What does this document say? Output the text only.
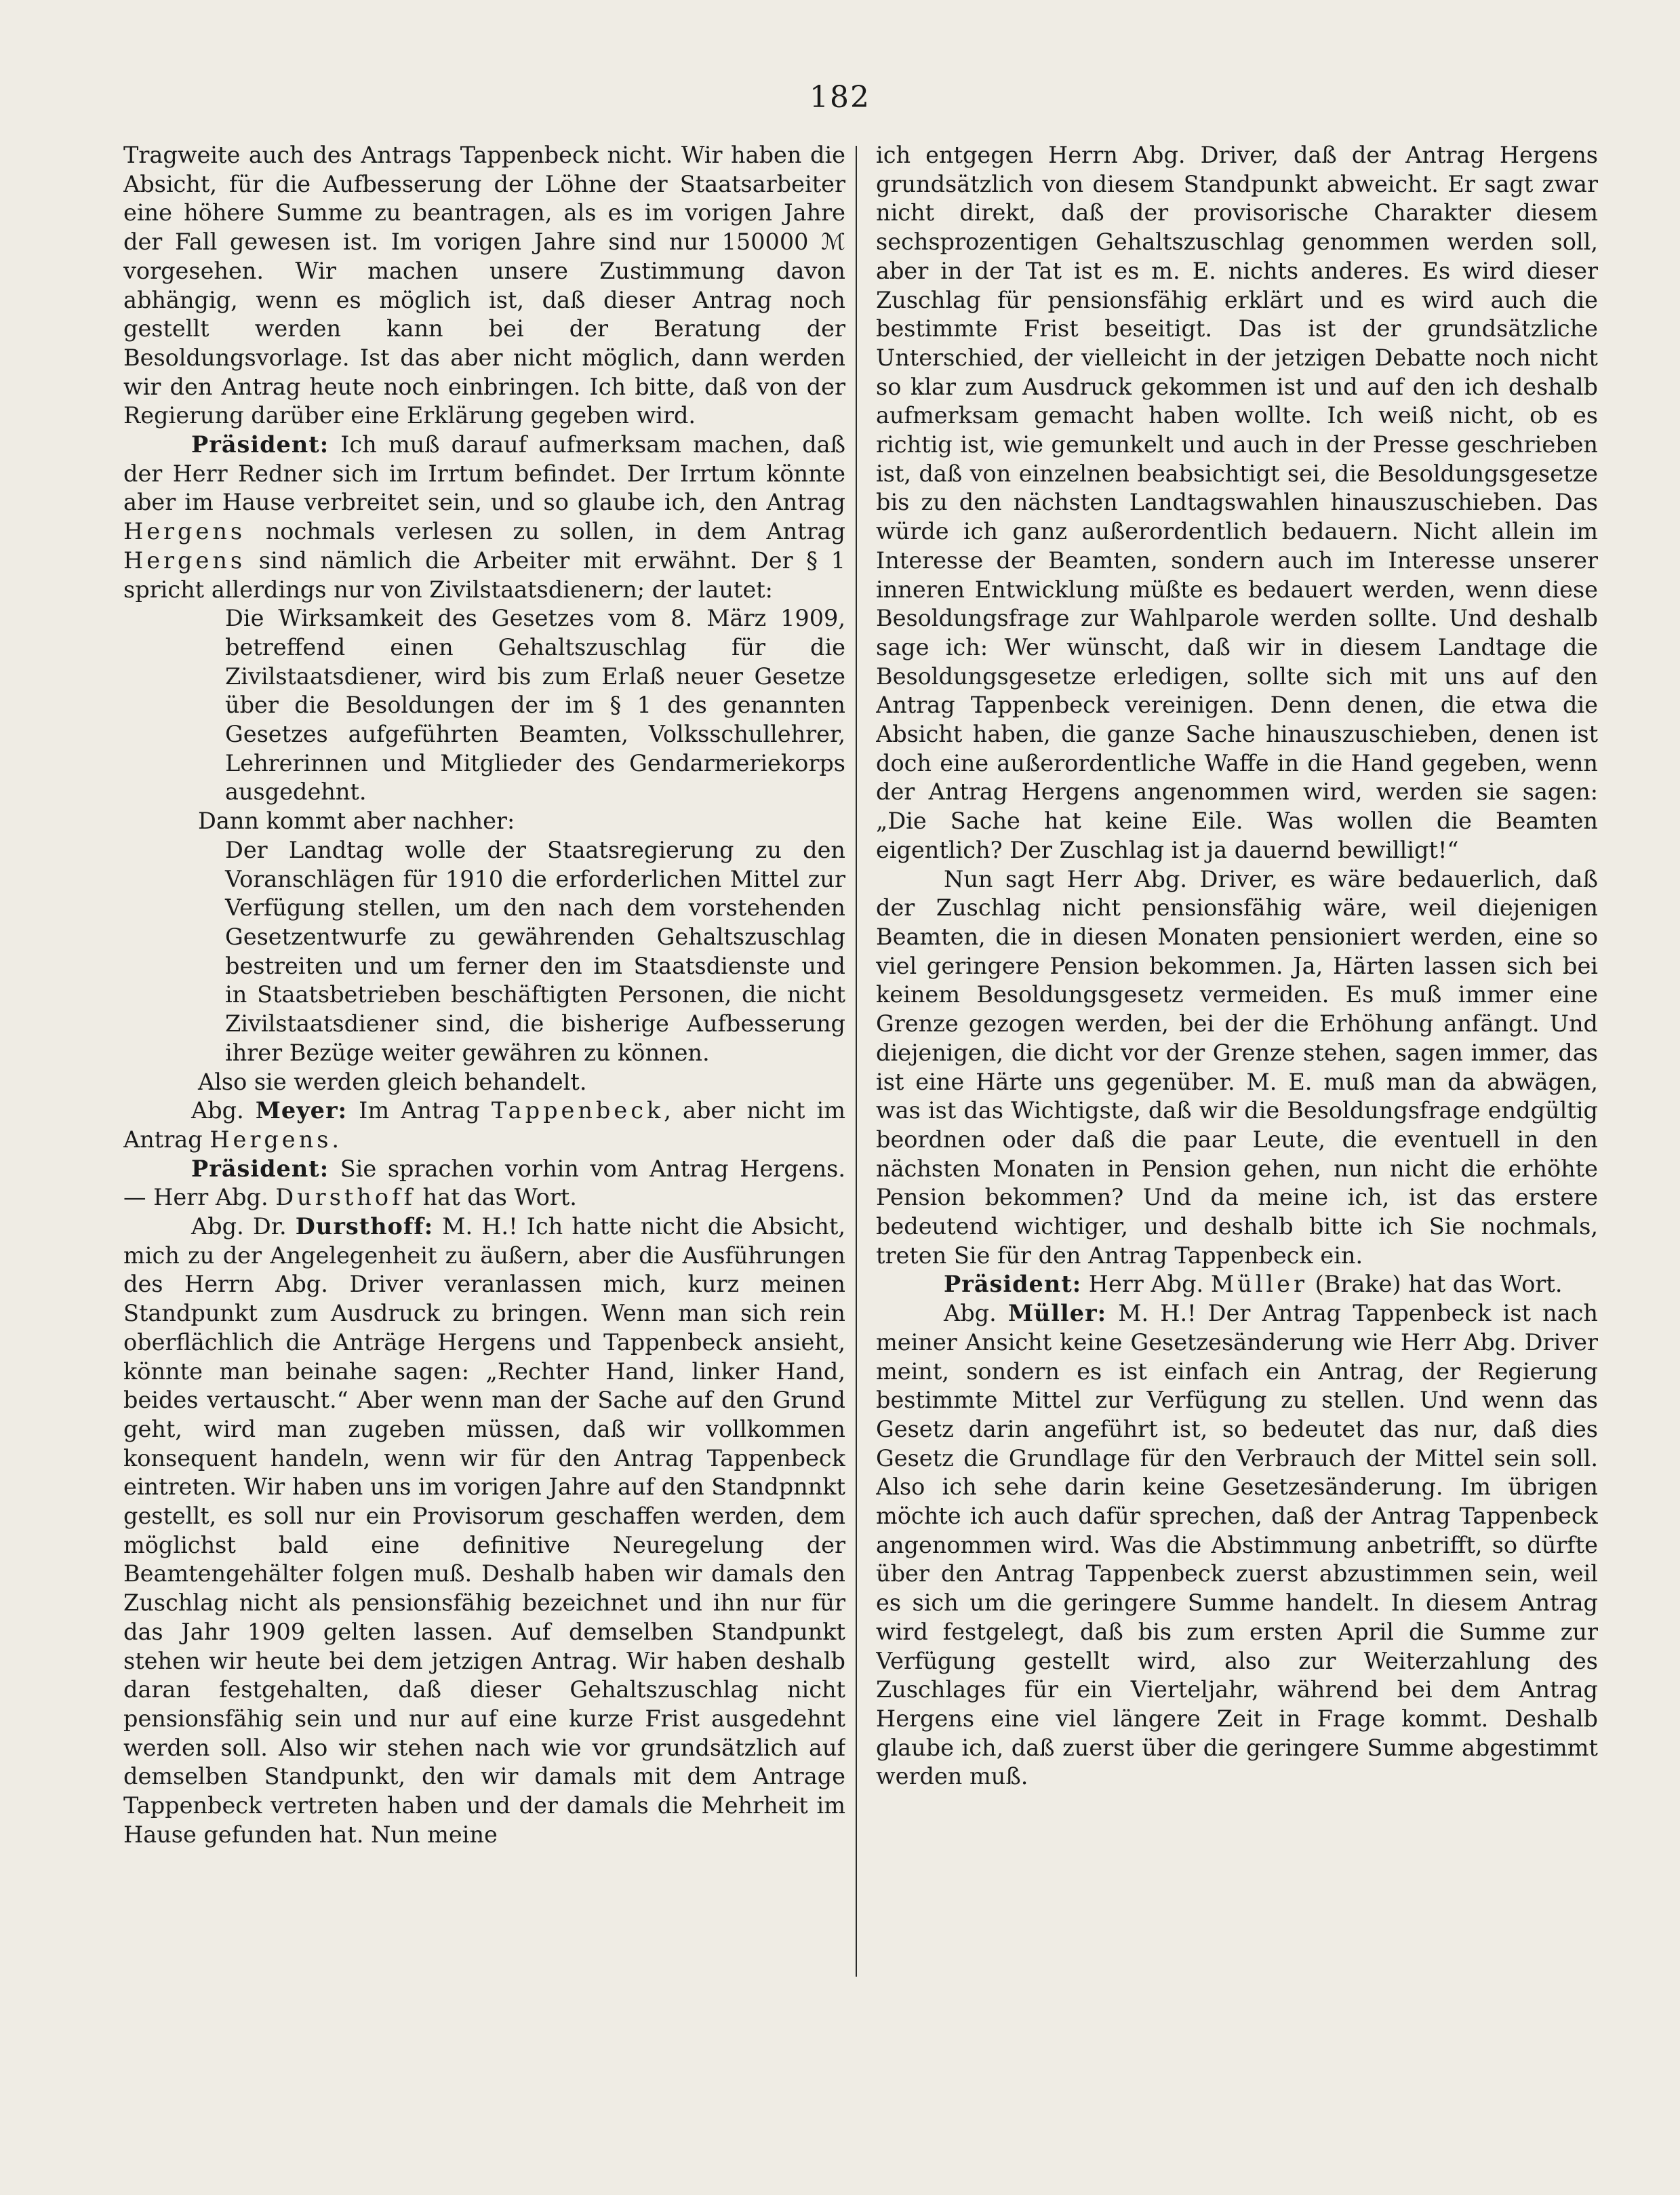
182

Tragweite auch des Antrags Tappenbeck nicht. Wir haben die Absicht, für die Aufbesserung der Löhne der Staatsarbeiter eine höhere Summe zu beantragen, als es im vorigen Jahre der Fall gewesen ist. Im vorigen Jahre sind nur 150000 ℳ vorgesehen. Wir machen unsere Zustimmung davon abhängig, wenn es möglich ist, daß dieser Antrag noch gestellt werden kann bei der Beratung der Besoldungsvorlage. Ist das aber nicht möglich, dann werden wir den Antrag heute noch einbringen. Ich bitte, daß von der Regierung darüber eine Erklärung gegeben wird.

Präsident: Ich muß darauf aufmerksam machen, daß der Herr Redner sich im Irrtum befindet. Der Irrtum könnte aber im Hause verbreitet sein, und so glaube ich, den Antrag Hergens nochmals verlesen zu sollen, in dem Antrag Hergens sind nämlich die Arbeiter mit erwähnt. Der § 1 spricht allerdings nur von Zivilstaatsdienern; der lautet:

Die Wirksamkeit des Gesetzes vom 8. März 1909, betreffend einen Gehaltszuschlag für die Zivilstaatsdiener, wird bis zum Erlaß neuer Gesetze über die Besoldungen der im § 1 des genannten Gesetzes aufgeführten Beamten, Volksschullehrer, Lehrerinnen und Mitglieder des Gendarmeriekorps ausgedehnt.

Dann kommt aber nachher:

Der Landtag wolle der Staatsregierung zu den Voranschlägen für 1910 die erforderlichen Mittel zur Verfügung stellen, um den nach dem vorstehenden Gesetzentwurfe zu gewährenden Gehaltszuschlag bestreiten und um ferner den im Staatsdienste und in Staatsbetrieben beschäftigten Personen, die nicht Zivilstaatsdiener sind, die bisherige Aufbesserung ihrer Bezüge weiter gewähren zu können.

Also sie werden gleich behandelt.

Abg. Meyer: Im Antrag Tappenbeck, aber nicht im Antrag Hergens.

Präsident: Sie sprachen vorhin vom Antrag Hergens. — Herr Abg. Dursthoff hat das Wort.

Abg. Dr. Dursthoff: M. H.! Ich hatte nicht die Absicht, mich zu der Angelegenheit zu äußern, aber die Ausführungen des Herrn Abg. Driver veranlassen mich, kurz meinen Standpunkt zum Ausdruck zu bringen. Wenn man sich rein oberflächlich die Anträge Hergens und Tappenbeck ansieht, könnte man beinahe sagen: „Rechter Hand, linker Hand, beides vertauscht.“ Aber wenn man der Sache auf den Grund geht, wird man zugeben müssen, daß wir vollkommen konsequent handeln, wenn wir für den Antrag Tappenbeck eintreten. Wir haben uns im vorigen Jahre auf den Standpnnkt gestellt, es soll nur ein Provisorum geschaffen werden, dem möglichst bald eine definitive Neuregelung der Beamtengehälter folgen muß. Deshalb haben wir damals den Zuschlag nicht als pensionsfähig bezeichnet und ihn nur für das Jahr 1909 gelten lassen. Auf demselben Standpunkt stehen wir heute bei dem jetzigen Antrag. Wir haben deshalb daran festgehalten, daß dieser Gehaltszuschlag nicht pensionsfähig sein und nur auf eine kurze Frist ausgedehnt werden soll. Also wir stehen nach wie vor grundsätzlich auf demselben Standpunkt, den wir damals mit dem Antrage Tappenbeck vertreten haben und der damals die Mehrheit im Hause gefunden hat. Nun meine

ich entgegen Herrn Abg. Driver, daß der Antrag Hergens grundsätzlich von diesem Standpunkt abweicht. Er sagt zwar nicht direkt, daß der provisorische Charakter diesem sechsprozentigen Gehaltszuschlag genommen werden soll, aber in der Tat ist es m. E. nichts anderes. Es wird dieser Zuschlag für pensionsfähig erklärt und es wird auch die bestimmte Frist beseitigt. Das ist der grundsätzliche Unterschied, der vielleicht in der jetzigen Debatte noch nicht so klar zum Ausdruck gekommen ist und auf den ich deshalb aufmerksam gemacht haben wollte. Ich weiß nicht, ob es richtig ist, wie gemunkelt und auch in der Presse geschrieben ist, daß von einzelnen beabsichtigt sei, die Besoldungsgesetze bis zu den nächsten Landtagswahlen hinauszuschieben. Das würde ich ganz außerordentlich bedauern. Nicht allein im Interesse der Beamten, sondern auch im Interesse unserer inneren Entwicklung müßte es bedauert werden, wenn diese Besoldungsfrage zur Wahlparole werden sollte. Und deshalb sage ich: Wer wünscht, daß wir in diesem Landtage die Besoldungsgesetze erledigen, sollte sich mit uns auf den Antrag Tappenbeck vereinigen. Denn denen, die etwa die Absicht haben, die ganze Sache hinauszuschieben, denen ist doch eine außerordentliche Waffe in die Hand gegeben, wenn der Antrag Hergens angenommen wird, werden sie sagen: „Die Sache hat keine Eile. Was wollen die Beamten eigentlich? Der Zuschlag ist ja dauernd bewilligt!“

Nun sagt Herr Abg. Driver, es wäre bedauerlich, daß der Zuschlag nicht pensionsfähig wäre, weil diejenigen Beamten, die in diesen Monaten pensioniert werden, eine so viel geringere Pension bekommen. Ja, Härten lassen sich bei keinem Besoldungsgesetz vermeiden. Es muß immer eine Grenze gezogen werden, bei der die Erhöhung anfängt. Und diejenigen, die dicht vor der Grenze stehen, sagen immer, das ist eine Härte uns gegenüber. M. E. muß man da abwägen, was ist das Wichtigste, daß wir die Besoldungsfrage endgültig beordnen oder daß die paar Leute, die eventuell in den nächsten Monaten in Pension gehen, nun nicht die erhöhte Pension bekommen? Und da meine ich, ist das erstere bedeutend wichtiger, und deshalb bitte ich Sie nochmals, treten Sie für den Antrag Tappenbeck ein.

Präsident: Herr Abg. Müller (Brake) hat das Wort.

Abg. Müller: M. H.! Der Antrag Tappenbeck ist nach meiner Ansicht keine Gesetzesänderung wie Herr Abg. Driver meint, sondern es ist einfach ein Antrag, der Regierung bestimmte Mittel zur Verfügung zu stellen. Und wenn das Gesetz darin angeführt ist, so bedeutet das nur, daß dies Gesetz die Grundlage für den Verbrauch der Mittel sein soll. Also ich sehe darin keine Gesetzesänderung. Im übrigen möchte ich auch dafür sprechen, daß der Antrag Tappenbeck angenommen wird. Was die Abstimmung anbetrifft, so dürfte über den Antrag Tappenbeck zuerst abzustimmen sein, weil es sich um die geringere Summe handelt. In diesem Antrag wird festgelegt, daß bis zum ersten April die Summe zur Verfügung gestellt wird, also zur Weiterzahlung des Zuschlages für ein Vierteljahr, während bei dem Antrag Hergens eine viel längere Zeit in Frage kommt. Deshalb glaube ich, daß zuerst über die geringere Summe abgestimmt werden muß.
